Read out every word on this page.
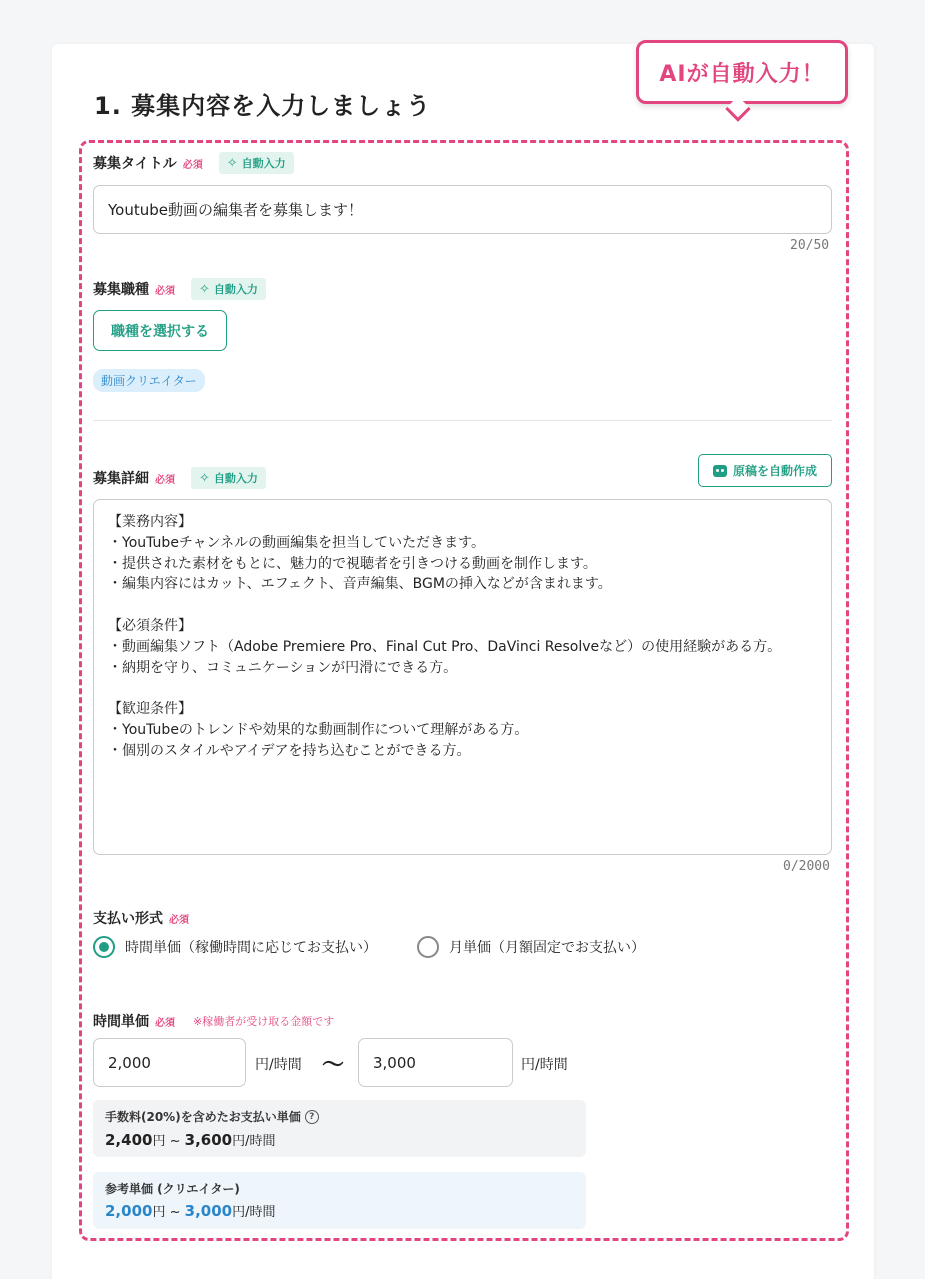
1. 募集内容を入力しましょう
AIが自動入力！
募集タイトル 必須 ✧ 自動入力
Youtube動画の編集者を募集します！
20/50
募集職種 必須 ✧ 自動入力
職種を選択する
動画クリエイター
募集詳細 必須 ✧ 自動入力
原稿を自動作成
【業務内容】
・YouTubeチャンネルの動画編集を担当していただきます。
・提供された素材をもとに、魅力的で視聴者を引きつける動画を制作します。
・編集内容にはカット、エフェクト、音声編集、BGMの挿入などが含まれます。

【必須条件】
・動画編集ソフト（Adobe Premiere Pro、Final Cut Pro、DaVinci Resolveなど）の使用経験がある方。
・納期を守り、コミュニケーションが円滑にできる方。

【歓迎条件】
・YouTubeのトレンドや効果的な動画制作について理解がある方。
・個別のスタイルやアイデアを持ち込むことができる方。
0/2000
支払い形式 必須
時間単価（稼働時間に応じてお支払い）	月単価（月額固定でお支払い）
時間単価 必須 ※稼働者が受け取る金額です
2,000	円/時間 〜 3,000	円/時間
手数料(20%)を含めたお支払い単価 ?
2,400円 ~ 3,600円/時間
参考単価 (クリエイター)
2,000円 ~ 3,000円/時間
